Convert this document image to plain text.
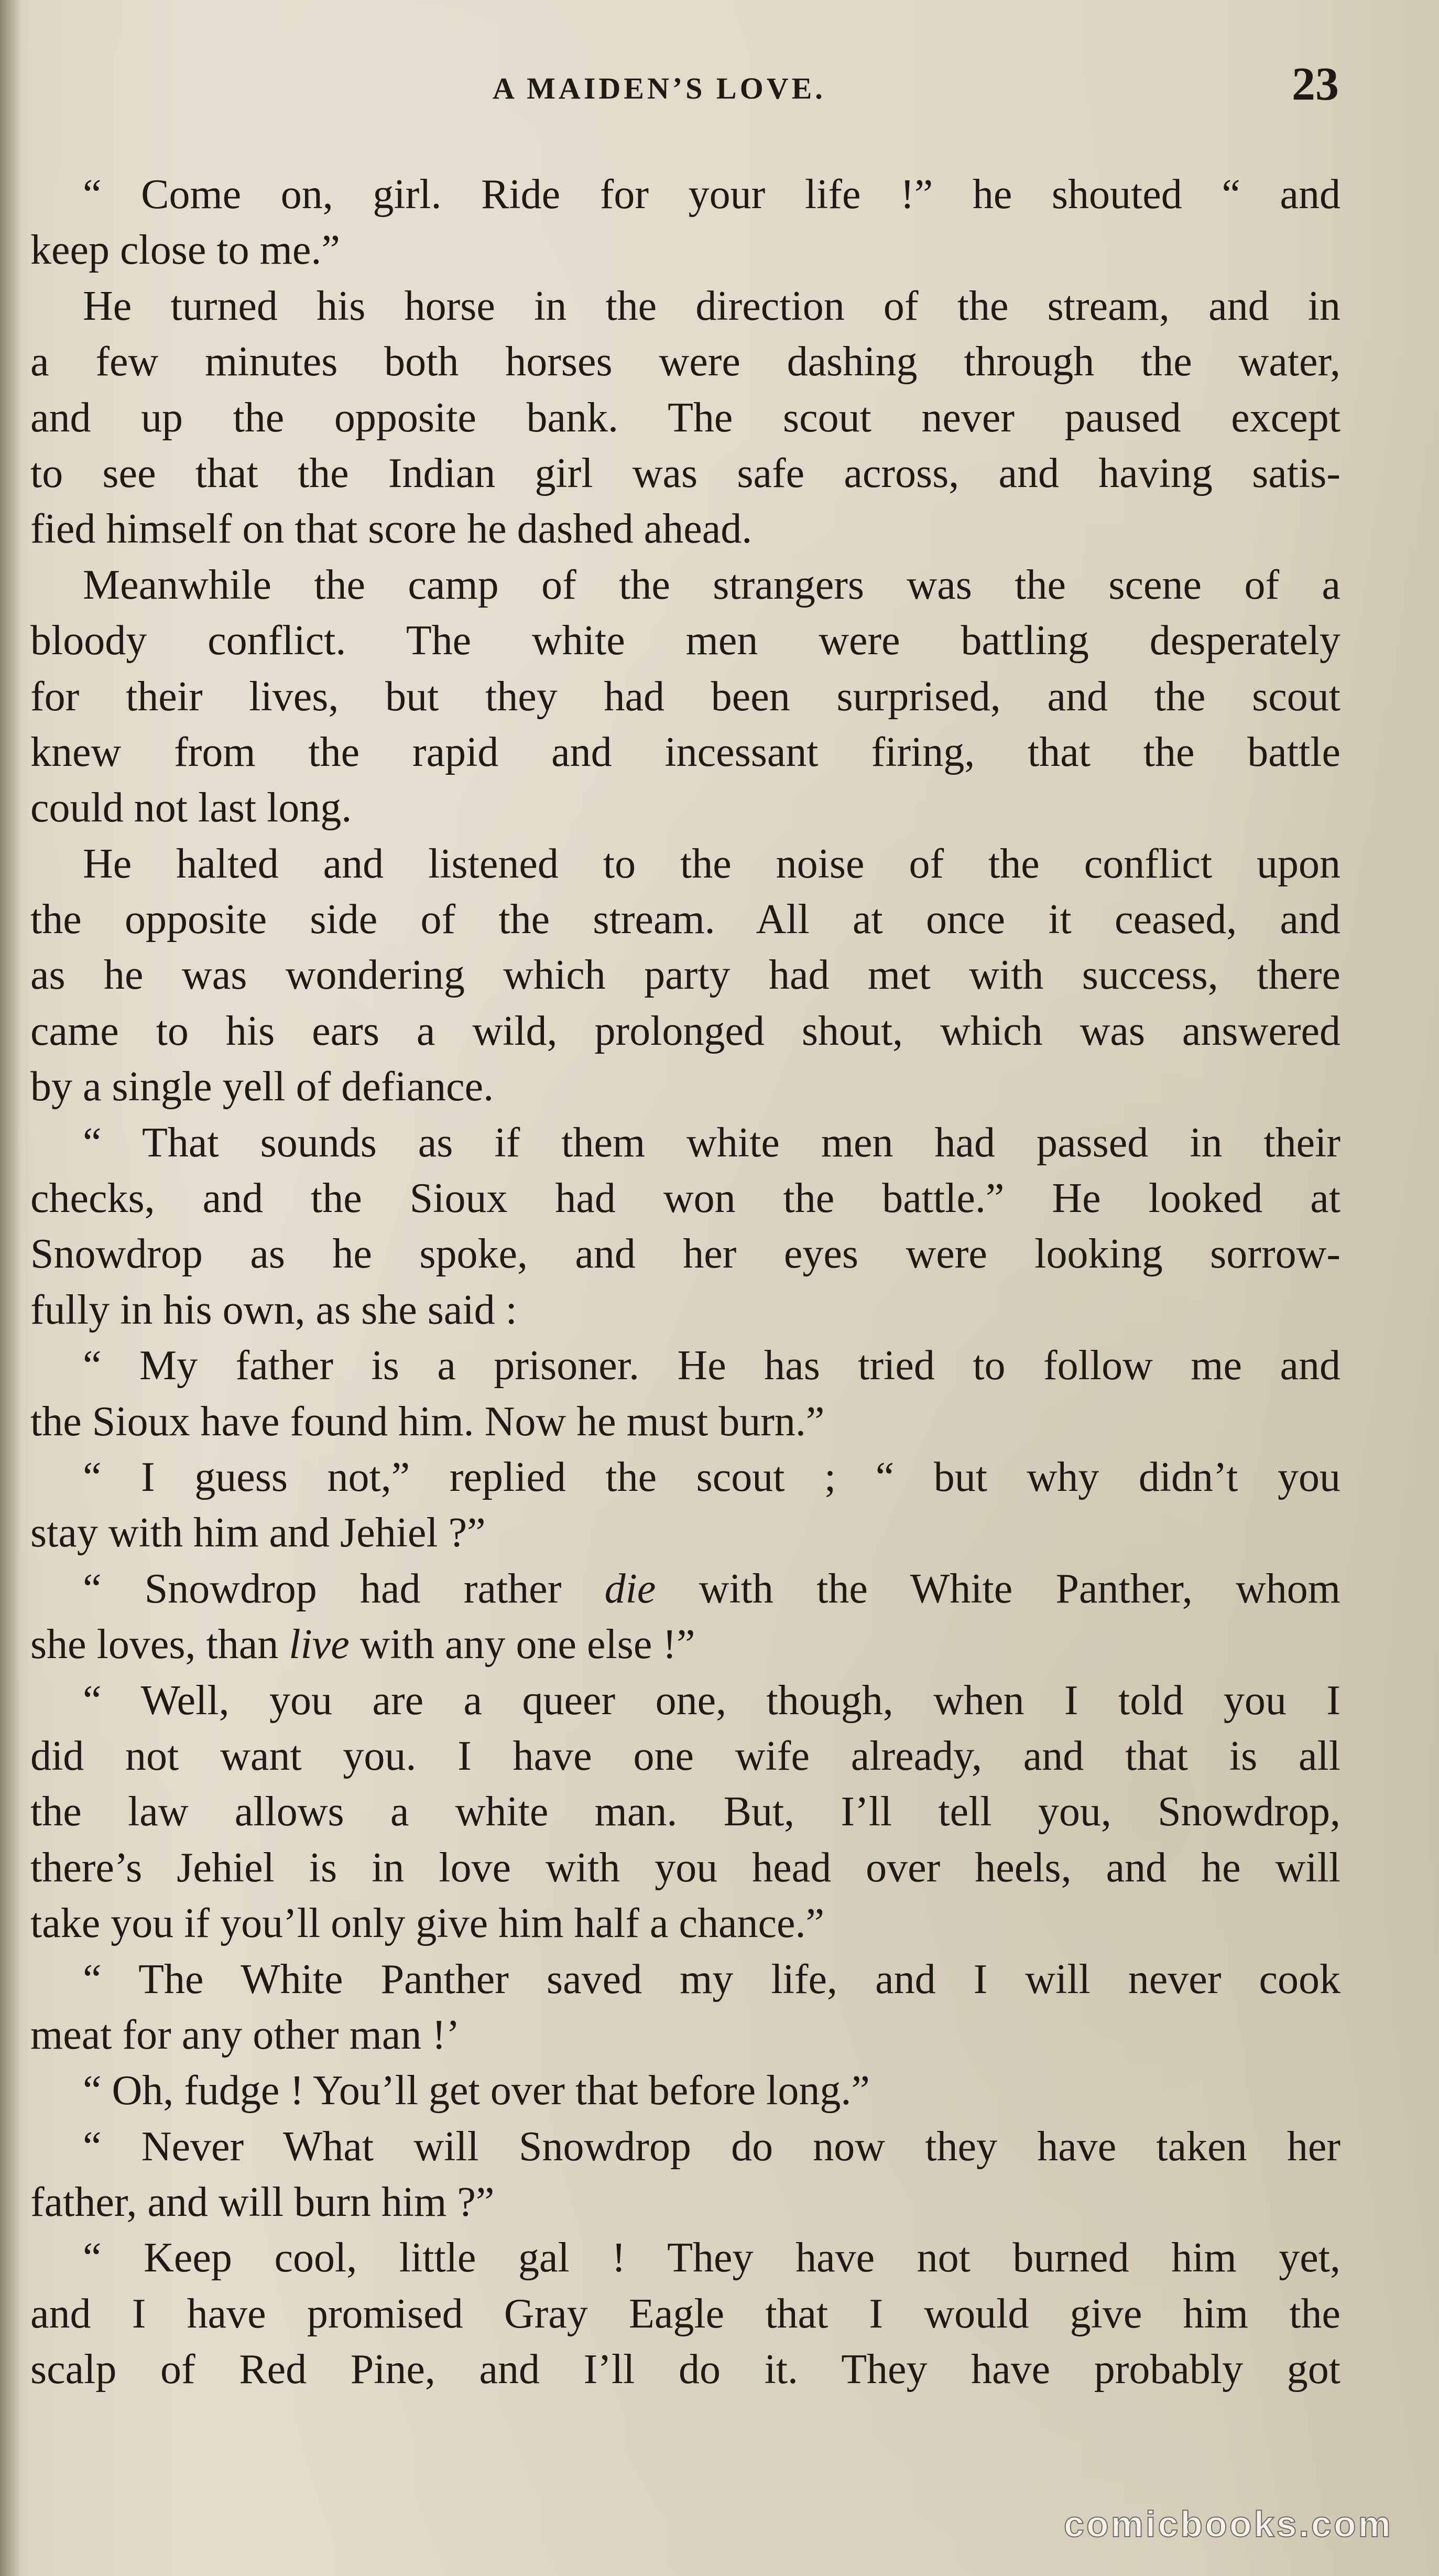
A MAIDEN’S LOVE.	23
“ Come on, girl. Ride for your life !” he shouted “ and
keep close to me.”
He turned his horse in the direction of the stream, and in
a few minutes both horses were dashing through the water,
and up the opposite bank. The scout never paused except
to see that the Indian girl was safe across, and having satis-
fied himself on that score he dashed ahead.
Meanwhile the camp of the strangers was the scene of a
bloody conflict. The white men were battling desperately
for their lives, but they had been surprised, and the scout
knew from the rapid and incessant firing, that the battle
could not last long.
He halted and listened to the noise of the conflict upon
the opposite side of the stream. All at once it ceased, and
as he was wondering which party had met with success, there
came to his ears a wild, prolonged shout, which was answered
by a single yell of defiance.
“ That sounds as if them white men had passed in their
checks, and the Sioux had won the battle.” He looked at
Snowdrop as he spoke, and her eyes were looking sorrow-
fully in his own, as she said :
“ My father is a prisoner. He has tried to follow me and
the Sioux have found him. Now he must burn.”
“ I guess not,” replied the scout ; “ but why didn’t you
stay with him and Jehiel ?”
“ Snowdrop had rather die with the White Panther, whom
she loves, than live with any one else !”
“ Well, you are a queer one, though, when I told you I
did not want you. I have one wife already, and that is all
the law allows a white man. But, I’ll tell you, Snowdrop,
there’s Jehiel is in love with you head over heels, and he will
take you if you’ll only give him half a chance.”
“ The White Panther saved my life, and I will never cook
meat for any other man !’
“ Oh, fudge ! You’ll get over that before long.”
“ Never What will Snowdrop do now they have taken her
father, and will burn him ?”
“ Keep cool, little gal ! They have not burned him yet,
and I have promised Gray Eagle that I would give him the
scalp of Red Pine, and I’ll do it. They have probably got
comicbooks.com
